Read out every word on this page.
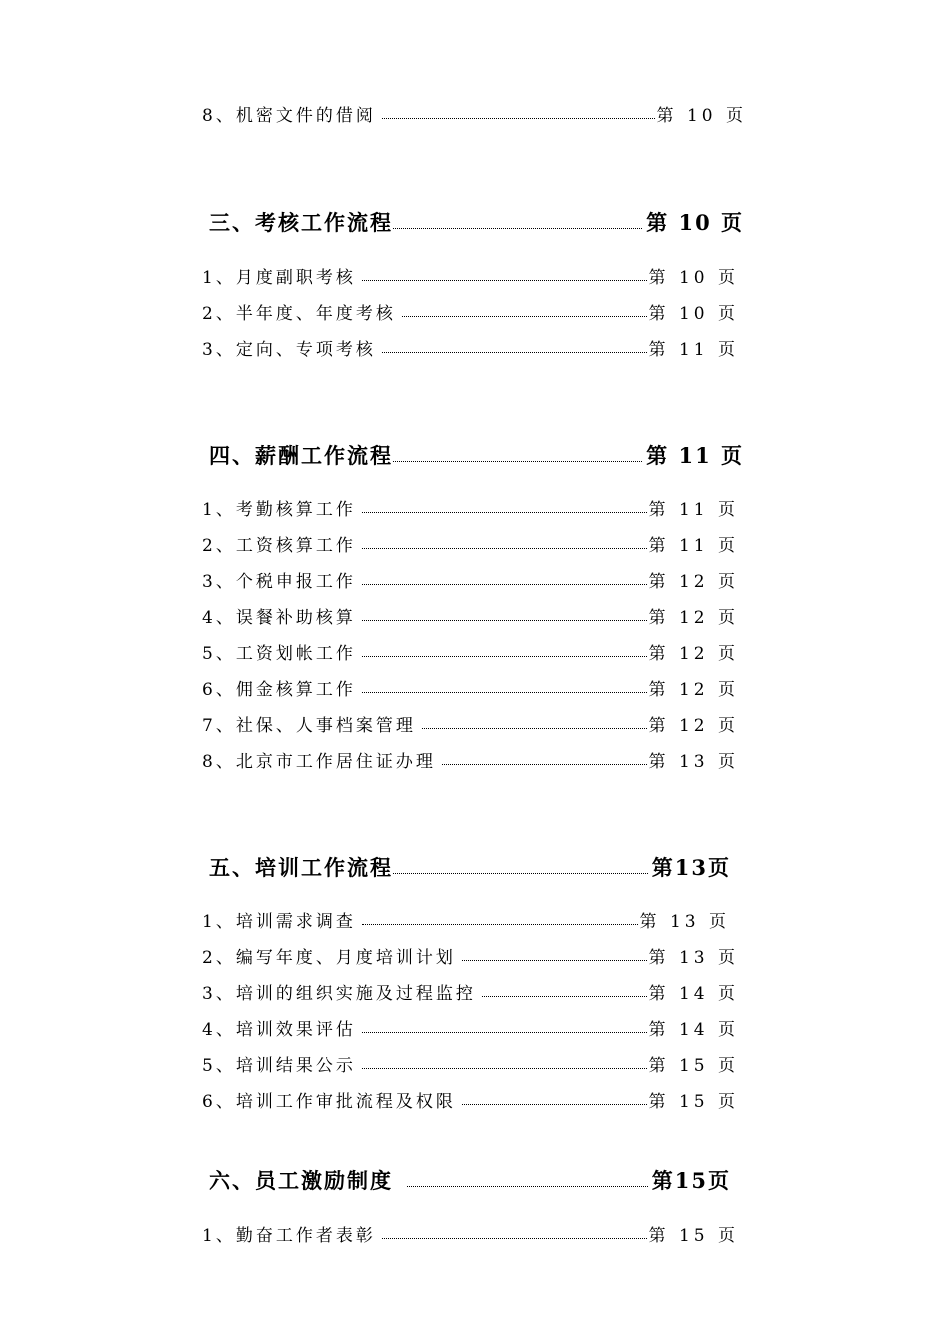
8、机密文件的借阅	第 10 页
三、考核工作流程	第 10 页
1、月度副职考核	第 10 页
2、半年度、年度考核	第 10 页
3、定向、专项考核	第 11 页
四、薪酬工作流程	第 11 页
1、考勤核算工作	第 11 页
2、工资核算工作	第 11 页
3、个税申报工作	第 12 页
4、误餐补助核算	第 12 页
5、工资划帐工作	第 12 页
6、佣金核算工作	第 12 页
7、社保、人事档案管理	第 12 页
8、北京市工作居住证办理	第 13 页
五、培训工作流程	第13页
1、培训需求调查	第 13 页
2、编写年度、月度培训计划	第 13 页
3、培训的组织实施及过程监控	第 14 页
4、培训效果评估	第 14 页
5、培训结果公示	第 15 页
6、培训工作审批流程及权限	第 15 页
六、员工激励制度	第15页
1、勤奋工作者表彰	第 15 页
